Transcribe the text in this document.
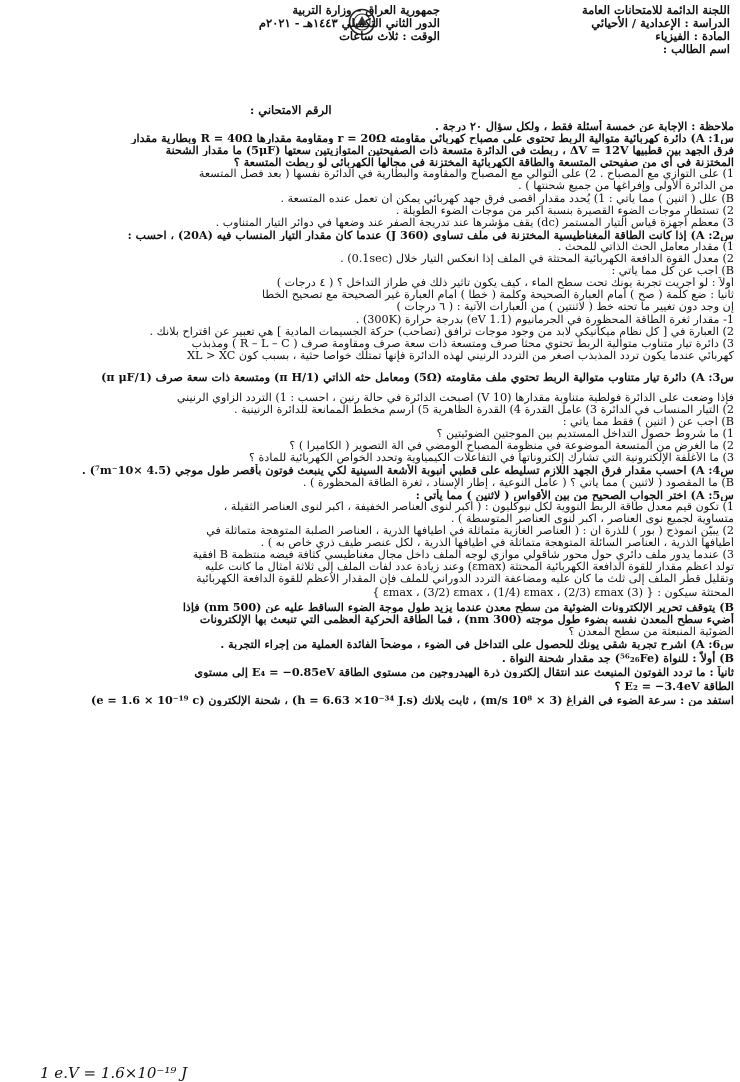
اللجنة الدائمة للامتحانات العامة
الدراسة : الإعدادية / الأحيائي
المادة : الفيزياء
اسم الطالب :
جمهورية العراق – وزارة التربية
الدور الثاني التكميلي ١٤٤٣هـ - ٢٠٢١م
الوقت : ثلاث ساعات
الرقم الامتحاني :
ملاحظة : الإجابة عن خمسة أسئلة فقط ، ولكل سؤال ٢٠ درجة .
س1: A) دائرة كهربائية متوالية الربط تحتوي على مصباح كهربائي مقاومته r = 20Ω ومقاومة مقدارها R = 40Ω وبطارية مقدار
فرق الجهد بين قطبيها ΔV = 12V ، ربطت في الدائرة متسعة ذات الصفيحتين المتوازيتين سعتها (5μF) ما مقدار الشحنة
المختزنة في أي من صفيحتي المتسعة والطاقة الكهربائية المختزنة في مجالها الكهربائي لو ربطت المتسعة ؟
1) على التوازي مع المصباح . 2) على التوالي مع المصباح والمقاومة والبطارية في الدائرة نفسها ( بعد فصل المتسعة
من الدائرة الأولى وإفراغها من جميع شحنتها ) .
B) علل ( اثنين ) مما يأتي : 1) يُحدد مقدار أقصى فرق جهد كهربائي يمكن أن تعمل عنده المتسعة .
2) تستطار موجات الضوء القصيرة بنسبة أكبر من موجات الضوء الطويلة .
3) معظم أجهزة قياس التيار المستمر (dc) يقف مؤشرها عند تدريجة الصفر عند وضعها في دوائر التيار المتناوب .
س2: A) إذا كانت الطاقة المغناطيسية المختزنة في ملف تساوي (360 J) عندما كان مقدار التيار المنساب فيه (20A) ، احسب :
1) مقدار معامل الحث الذاتي للمحث .
2) معدل القوة الدافعة الكهربائية المحتثة في الملف إذا انعكس التيار خلال (0.1sec) .
B) أجب عن كل مما يأتي :
أولاً : لو أجريت تجربة يونك تحت سطح الماء ، كيف يكون تأثير ذلك في طراز التداخل ؟ ( ٤ درجات )
ثانياً : ضع كلمة ( صح ) أمام العبارة الصحيحة وكلمة ( خطأ ) أمام العبارة غير الصحيحة مع تصحيح الخطأ
إن وجد دون تغيير ما تحته خط ( لاثنتين ) من العبارات الآتية : ( ٦ درجات )
1- مقدار ثغرة الطاقة المحظورة في الجرمانيوم (1.1 eV) بدرجة حرارة (300K) .
2) العبارة في [ كل نظام ميكانيكي لابد من وجود موجات ترافق (تصاحب) حركة الجسيمات المادية ] هي تعبير عن اقتراح بلانك .
3) دائرة تيار متناوب متوالية الربط تحتوي محثاً صرف ومتسعة ذات سعة صرف ومقاومة صرف ( R – L – C ) ومذبذب
كهربائي عندما يكون تردد المذبذب أصغر من التردد الرنيني لهذه الدائرة فإنها تمتلك خواصاً حثية ، بسبب كون XL > XC
س3: A) دائرة تيار متناوب متوالية الربط تحتوي ملف مقاومته (5Ω) ومعامل حثه الذاتي (1/π H) ومتسعة ذات سعة صرف (1/π μF)
فإذا وضعت على الدائرة فولطية متناوبة مقدارها (10 V) أصبحت الدائرة في حالة رنين ، احسب : 1) التردد الزاوي الرنيني
2) التيار المنساب في الدائرة 3) عامل القدرة 4) القدرة الظاهرية 5) ارسم مخطط الممانعة للدائرة الرنينية .
B) أجب عن ( اثنين ) فقط مما يأتي :
1) ما شروط حصول التداخل المستديم بين الموجتين الضوئيتين ؟
2) ما الغرض من المتسعة الموضوعة في منظومة المصباح الومضي في آلة التصوير ( الكاميرا ) ؟
3) ما الأغلفة الإلكترونية التي تشارك إلكتروناتها في التفاعلات الكيمياوية وتحدد الخواص الكهربائية للمادة ؟
س4: A) احسب مقدار فرق الجهد اللازم تسليطه على قطبي أنبوبة الأشعة السينية لكي ينبعث فوتون بأقصر طول موجي (4.5 ×10⁻⁷m) .
B) ما المقصود ( لاثنين ) مما يأتي ؟ ( عامل النوعية ، إطار الإسناد ، ثغرة الطاقة المحظورة ) .
س5: A) اختر الجواب الصحيح من بين الأقواس ( لاثنين ) مما يأتي :
1) تكون قيم معدل طاقة الربط النووية لكل نيوكليون : ( أكبر لنوى العناصر الخفيفة ، أكبر لنوى العناصر الثقيلة ،
متساوية لجميع نوى العناصر ، أكبر لنوى العناصر المتوسطة ) .
2) يبيّن أنموذج ( بور ) للذرة أن : ( العناصر الغازية متماثلة في أطيافها الذرية ، العناصر الصلبة المتوهجة متماثلة في
أطيافها الذرية ، العناصر السائلة المتوهجة متماثلة في أطيافها الذرية ، لكل عنصر طيف ذري خاص به ) .
3) عندما يدور ملف دائري حول محور شاقولي موازي لوجه الملف داخل مجال مغناطيسي كثافة فيضه منتظمة B أفقية
تولد أعظم مقدار للقوة الدافعة الكهربائية المحتثة (εmax) وعند زيادة عدد لفات الملف إلى ثلاثة أمثال ما كانت عليه
وتقليل قطر الملف إلى ثلث ما كان عليه ومضاعفة التردد الدوراني للملف فإن المقدار الأعظم للقوة الدافعة الكهربائية
المحتثة سيكون : { (3) εmax ، (3/2) εmax ، (1/4) εmax ، (2/3) εmax }
B) يتوقف تحرير الإلكترونات الضوئية من سطح معدن عندما يزيد طول موجة الضوء الساقط عليه عن (500 nm) فإذا
أضيء سطح المعدن نفسه بضوء طول موجته (300 nm) ، فما الطاقة الحركية العظمى التي تنبعث بها الإلكترونات
الضوئية المنبعثة من سطح المعدن ؟
س6: A) اشرح تجربة شقي يونك للحصول على التداخل في الضوء ، موضحاً الفائدة العملية من إجراء التجربة .
B) أولاً : للنواة (⁵⁶₂₆Fe) جد مقدار شحنة النواة .
ثانياً : ما تردد الفوتون المنبعث عند انتقال إلكترون ذرة الهيدروجين من مستوي الطاقة E₄ = −0.85eV إلى مستوي
الطاقة E₂ = −3.4eV ؟
استفد من : سرعة الضوء في الفراغ (3 × 10⁸ m/s) ، ثابت بلانك (h = 6.63 ×10⁻³⁴ J.s) ، شحنة الإلكترون (e = 1.6 × 10⁻¹⁹ c)
1 e.V = 1.6×10⁻¹⁹ J
